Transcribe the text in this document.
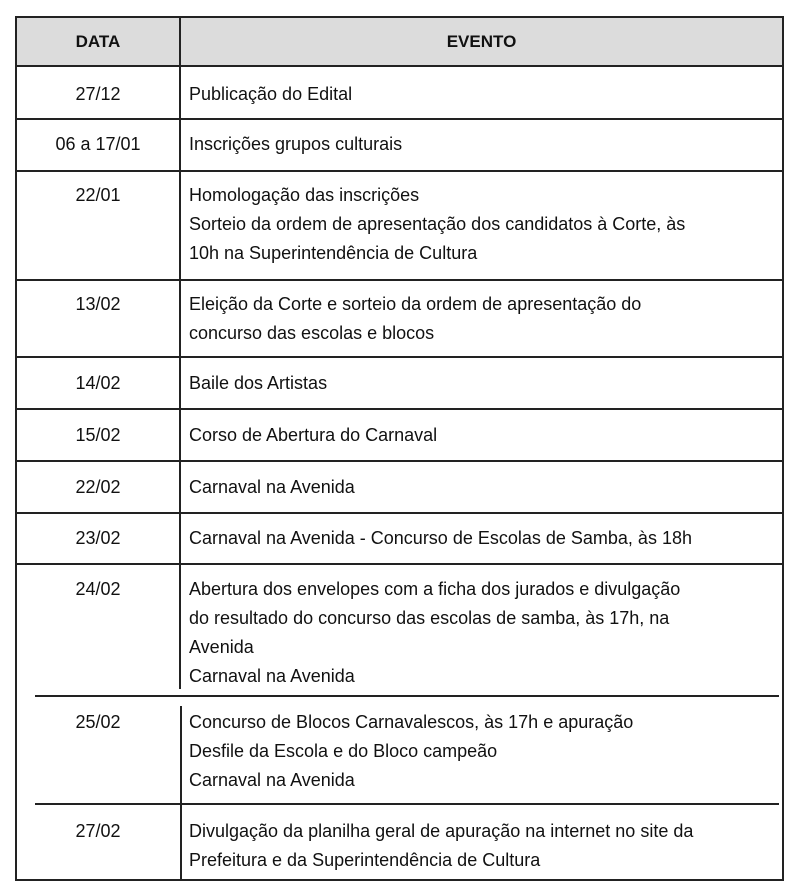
DATA	EVENTO
27/12	Publicação do Edital
06 a 17/01	Inscrições grupos culturais
22/01	Homologação das inscrições
Sorteio da ordem de apresentação dos candidatos à Corte, às
10h na Superintendência de Cultura
13/02	Eleição da Corte e sorteio da ordem de apresentação do
concurso das escolas e blocos
14/02	Baile dos Artistas
15/02	Corso de Abertura do Carnaval
22/02	Carnaval na Avenida
23/02	Carnaval na Avenida - Concurso de Escolas de Samba, às 18h
24/02	Abertura dos envelopes com a ficha dos jurados e divulgação
do resultado do concurso das escolas de samba, às 17h, na
Avenida
Carnaval na Avenida
25/02	Concurso de Blocos Carnavalescos, às 17h e apuração
Desfile da Escola e do Bloco campeão
Carnaval na Avenida
27/02	Divulgação da planilha geral de apuração na internet no site da
Prefeitura e da Superintendência de Cultura
